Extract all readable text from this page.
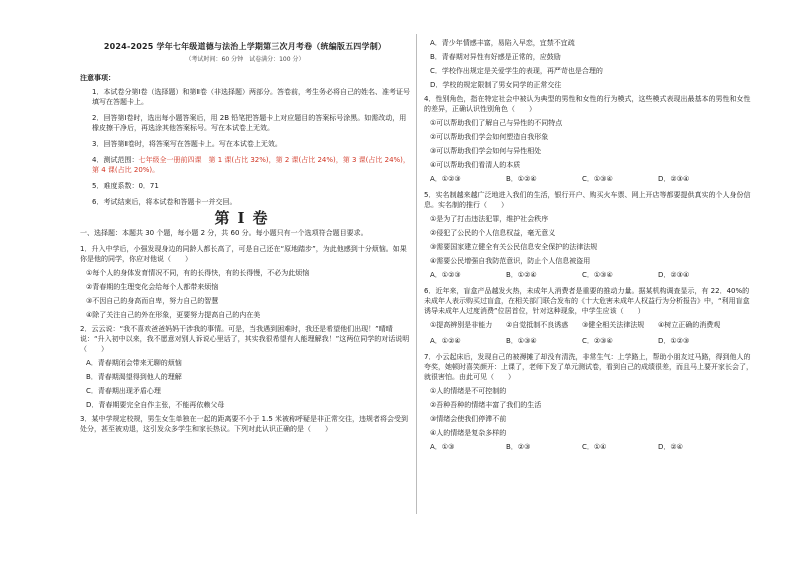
2024-2025 学年七年级道德与法治上学期第三次月考卷（统编版五四学制）
（考试时间：60 分钟　试卷满分：100 分）
注意事项：
1．本试卷分第Ⅰ卷（选择题）和第Ⅱ卷（非选择题）两部分。答卷前，考生务必将自己的姓名、准考证号填写在答题卡上。
2．回答第Ⅰ卷时，选出每小题答案后，用 2B 铅笔把答题卡上对应题目的答案标号涂黑。如需改动，用橡皮擦干净后，再选涂其他答案标号。写在本试卷上无效。
3．回答第Ⅱ卷时，将答案写在答题卡上。写在本试卷上无效。
4．测试范围：七年级全一册前四课　第 1 课(占比 32%)，第 2 课(占比 24%)，第 3 课(占比 24%)，第 4 课(占比 20%)。
5．难度系数：0．71
6．考试结束后，将本试卷和答题卡一并交回。
第Ⅰ卷
一、选择题：本题共 30 个题，每小题 2 分，共 60 分。每小题只有一个选项符合题目要求。
1．升入中学后，小强发现身边的同龄人都长高了，可是自己还在“原地踏步”，为此他感到十分烦恼。如果你是他的同学，你应对他说（　　）
①每个人的身体发育情况不同，有的长得快，有的长得慢，不必为此烦恼
②青春期的生理变化会给每个人都带来烦恼
③不因自己的身高而自卑，努力自己的智慧
④除了关注自己的外在形象，更要努力提高自己的内在美
2．云云说：“我不喜欢爸爸妈妈干涉我的事情。可是，当我遇到困难时，我还是希望他们出现！”晴晴说：“升入初中以来，我不愿意对别人诉说心里话了，其实我很希望有人能理解我！”这两位同学的对话说明（　　）
A．青春期闭会带来无聊的烦恼
B．青春期渴望得到他人的理解
C．青春期出现矛盾心理
D．青春期要完全自作主张，不能再依赖父母
3．某中学规定校规，男生女生单独在一起的距离要不小于 1.5 米被称呼疑是非正常交往，违规者将会受到处分，甚至被劝退，这引发众多学生和家长热议。下列对此认识正确的是（　　）
A．青少年情感丰富，易陷入早恋，宜禁不宜疏
B．青春期对异性有好感是正常的，应鼓励
C．学校作出规定是关爱学生的表现，再严苛也是合理的
D．学校的规定限制了男女同学的正常交往
4．性别角色，指在特定社会中被认为典型的男性和女性的行为模式，这些模式表现出最基本的男性和女性的差异，正确认识性别角色（　　）
①可以帮助我们了解自己与异性的不同特点
②可以帮助我们学会如何塑造自我形象
③可以帮助我们学会如何与异性相处
④可以帮助我们看清人的本质
A．①②③	B．①②④	C．①③④	D．②③④
5．实名制越来越广泛地进入我们的生活，银行开户、购买火车票、网上开店等都要提供真实的个人身份信息。实名制的推行（　　）
①是为了打击违法犯罪，维护社会秩序
②侵犯了公民的个人信息权益，毫无意义
③需要国家建立健全有关公民信息安全保护的法律法规
④需要公民增强自我防范意识，防止个人信息被盗用
A．①②③	B．①②④	C．①③④	D．②③④
6．近年来，盲盒产品越发火热，未成年人消费者是重要的推动力量。据某机构调查显示，有 22．40%的未成年人表示购买过盲盒，在相关部门联合发布的《十大危害未成年人权益行为分析报告》中，“利用盲盒诱导未成年人过度消费”位居首位，针对这种现象，中学生应该（　　）
①提高辨别是非能力 ②自觉抵制不良诱惑 ③健全相关法律法规 ④树立正确的消费观
A．①②④	B．①③④	C．②③④	D．①②③
7．小云起床后，发现自己的被褥摊了却没有清洗，非常生气：上学路上，帮助小朋友过马路，得到他人的夸奖，她顿时喜笑颜开：上课了，老师下发了单元测试卷，看到自己的成绩很差，而且马上要开家长会了，就很害怕。由此可见（　　）
①人的情绪是不可控制的
②吾种吾种的情绪丰富了我们的生活
③情绪会使我们停滞不前
④人的情绪是复杂多样的
A．①③	B．②③	C．①④	D．②④
